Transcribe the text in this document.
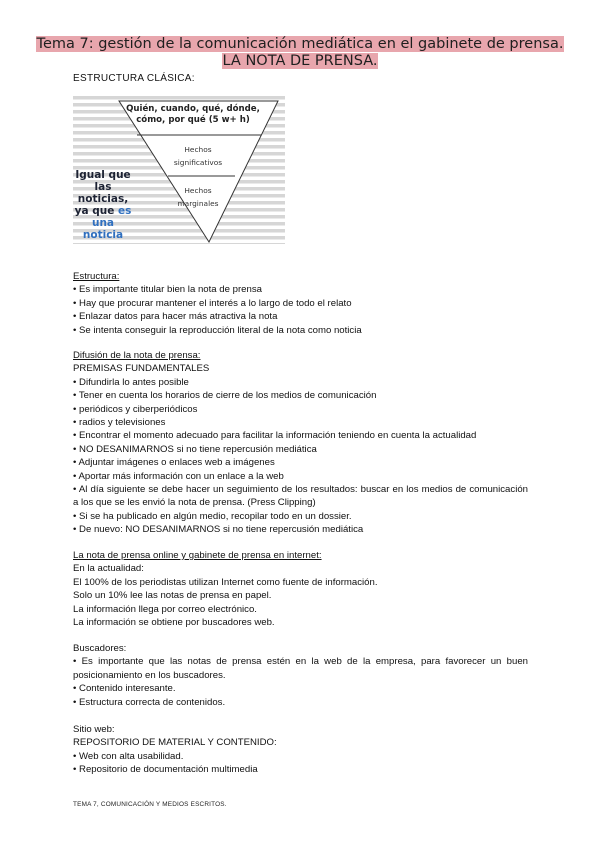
Tema 7: gestión de la comunicación mediática en el gabinete de prensa.
LA NOTA DE PRENSA.
ESTRUCTURA CLÁSICA:
Quién, cuando, qué, dónde, cómo, por qué (5 w+ h)
Hechos
significativos
Hechos
marginales
Igual que las noticias, ya que es una noticia
Estructura:
• Es importante titular bien la nota de prensa
• Hay que procurar mantener el interés a lo largo de todo el relato
• Enlazar datos para hacer más atractiva la nota
• Se intenta conseguir la reproducción literal de la nota como noticia
Difusión de la nota de prensa:
PREMISAS FUNDAMENTALES
• Difundirla lo antes posible
• Tener en cuenta los horarios de cierre de los medios de comunicación
• periódicos y ciberperiódicos
• radios y televisiones
• Encontrar el momento adecuado para facilitar la información teniendo en cuenta la actualidad
• NO DESANIMARNOS si no tiene repercusión mediática
• Adjuntar imágenes o enlaces web a imágenes
• Aportar más información con un enlace a la web
• Al día siguiente se debe hacer un seguimiento de los resultados: buscar en los medios de comunicación a los que se les envió la nota de prensa. (Press Clipping)
• Si se ha publicado en algún medio, recopilar todo en un dossier.
• De nuevo: NO DESANIMARNOS si no tiene repercusión mediática
La nota de prensa online y gabinete de prensa en internet:
En la actualidad:
El 100% de los periodistas utilizan Internet como fuente de información.
Solo un 10% lee las notas de prensa en papel.
La información llega por correo electrónico.
La información se obtiene por buscadores web.
Buscadores:
• Es importante que las notas de prensa estén en la web de la empresa, para favorecer un buen posicionamiento en los buscadores.
• Contenido interesante.
• Estructura correcta de contenidos.
Sitio web:
REPOSITORIO DE MATERIAL Y CONTENIDO:
• Web con alta usabilidad.
• Repositorio de documentación multimedia
TEMA 7, COMUNICACIÓN Y MEDIOS ESCRITOS.
